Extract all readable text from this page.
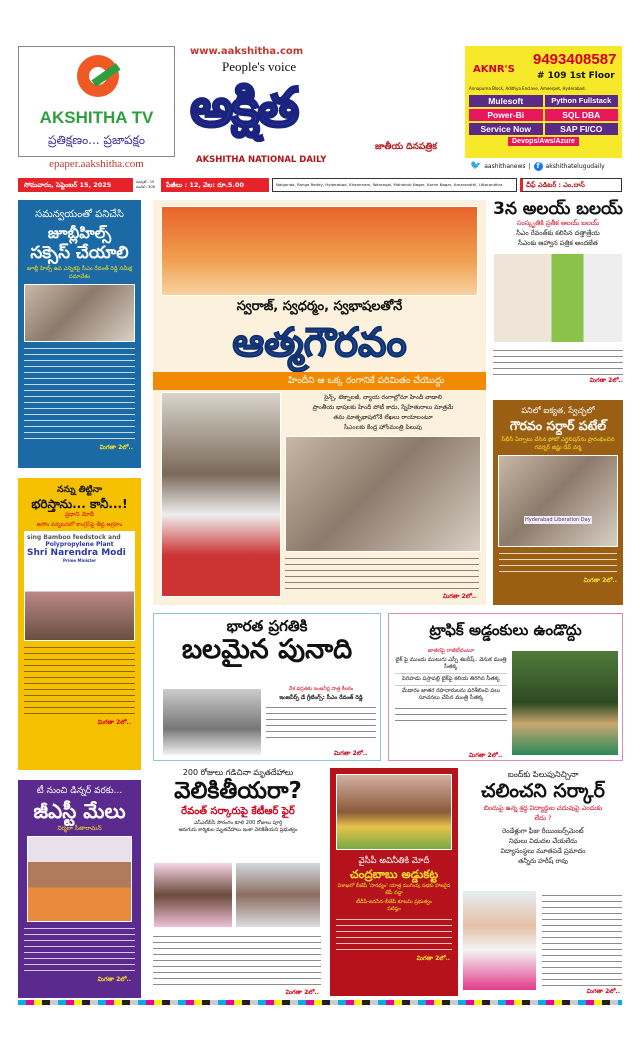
AKSHITHA TV
ప్రతిక్షణం... ప్రజాపక్షం
epaper.aakshitha.com
www.aakshitha.com
People's voice
అక్షిత
జాతీయ దినపత్రిక
AKSHITHA NATIONAL DAILY
AKNR'S
9493408587
# 109 1st Floor
Annapurna Block, Adithya Enclave, Ameerpet, Hyderabad.
Mulesoft	Python Fullstack
Power-Bi	SQL DBA
Service Now	SAP FI/CO
Devops/Aws/Azure
🐦 aashithanews | f akshithatelugudaily
సోమవారం, సెప్టెంబర్ 15, 2025	సంపుటి : 15
సంచిక : 308	పేజీలు : 12, వెల: రూ.5.00	Nalgonda, Ranga Reddy, Hyderabad, Khammam, Warangal, Mahabub Nagar, Karim Nagar, Amaravathi, Uttarandhra	చీఫ్ ఎడిటర్ : ఎం.దాస్
సమన్వయంతో పనిచేసి
జూబ్లీహిల్స్
సక్సెస్ చేయాలి
జూబ్లీ హిల్స్ ఉప ఎన్నికపై సీఎం రేవంత్ రెడ్డి సమీక్ష సమావేశం
మిగతా 2లో..
నన్ను తిట్టినా
భరిస్తాను... కానీ...!
ప్రధాని మోదీ
అసోం పర్యటనలో కాంగ్రెస్‌పై తీవ్ర ఆగ్రహం
sing Bamboo feedstock and
Polypropylene Plant
Shri Narendra Modi
Prime Minister
మిగతా 2లో..
టీ నుంచి డిన్నర్ వరకు...
జీఎస్టీ మేలు
నిర్మలా సీతారామన్
మిగతా 2లో..
స్వరాజ్, స్వధర్మం, స్వభాషలతోనే
ఆత్మగౌరవం
హిందీని ఆ ఒక్క రంగానికే పరిమితం చేయొద్దు
సైన్స్, టెక్నాలజీ, న్యాయ రంగాల్లోనూ హిందీ వాడాలి
ప్రాంతీయ భాషలకు హిందీ పోటీ కాదు, స్నేహితురాలు మాత్రమే
తమ మాతృభాషలోనే లేఖలు రాయాలంటూ
సీఎంలకు కేంద్ర హోంమంత్రి పిలుపు
మిగతా 2లో..
3న అలయ్ బలయ్
సంస్కృతికి ప్రతీక అలయ్ బలయ్
సీఎం రేవంత్‌కు కలిసిన దత్తాత్రేయ
సీఎంకు ఆహ్వాన పత్రిక అందజేత
మిగతా 2లో..
పనిలో ఐక్యత, స్వేచ్ఛలో
గౌరవం సర్దార్ పటేల్
సీబీసీ ఏర్పాటు చేసిన ఫోటో ఎగ్జిబిషన్‌ను ప్రారంభించిన గవర్నర్ జిష్ణు దేవ్ వర్మ
Hyderabad Liberation Day
మిగతా 2లో..
భారత ప్రగతికి
బలమైన పునాది
దేశ భద్రతకు ఇంజనీర్ల పాత్ర కీలకం
ఇంజనీర్స్ డే గ్రీటింగ్స్: సీఎం రేవంత్ రెడ్డి
మిగతా 2లో..
ట్రాఫిక్ అడ్డంకులు ఉండొద్దు
జాతరపై రాజీలేదంటూ
బైక్ పై ముందు ములుగు ఎస్పీ శబరీష్.. వెనుక మంత్రి సీతక్క
పెరిపాడు పస్రాపల్లి బైక్‌పై కలియ తిరిగిన సీతక్క
మేడారం జాతర రహదారులను పరిశీలించి పలు సూచనలు చేసిన మంత్రి సీతక్క
మిగతా 2లో..
200 రోజులు గడిచినా మృతదేహాలు
వెలికితీయరా?
రేవంత్ సర్కారుపై కేటీఆర్ ఫైర్
ఎస్ఎల్‌బీసీ సొరంగం కూలి 200 రోజులు పూర్తి
ఆరుగురు కార్మికుల మృతదేహాలు ఇంకా వెలికితీయని ప్రభుత్వం
మిగతా 2లో..
వైసీపీ అవినీతికి మోదీ
చంద్రబాబు అడ్డుకట్ట
విశాఖలో బీజేపీ 'సారథ్యం' యాత్ర ముగింపు సభకు హాజరైన జేపీ నడ్డా
టీడీపీ-జనసేన-బీజేపీ కూటమి ప్రభుత్వం పటిష్ఠం
మిగతా 2లో..
బంద్‌కు పిలుపునిచ్చినా
చలించని సర్కార్
బిందుపై ఉన్న శ్రద్ధ విద్యార్థుల చదువుపై ఎందుకు లేదు ?
రెండేళ్లుగా ఫీజు రీయింబర్స్‌మెంట్
నిధులు విడుదల చేయలేదు
విద్యాసంస్థలు మూతపడే ప్రమాదం
తన్నీరు హరీష్ రావు
మిగతా 2లో..
